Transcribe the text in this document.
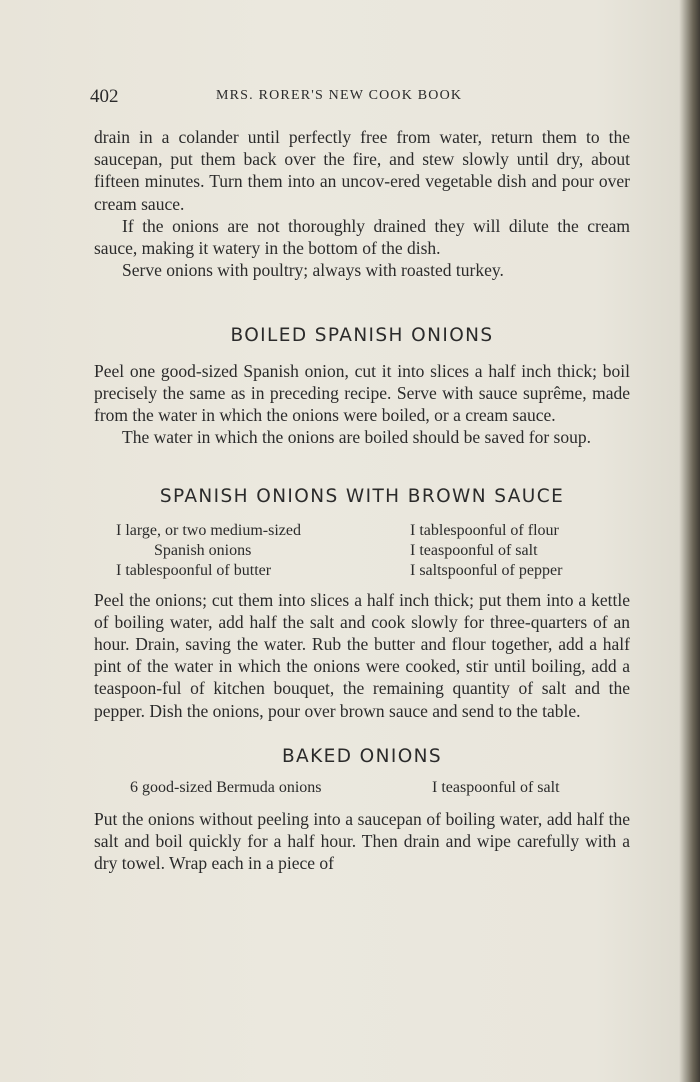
402	MRS. RORER'S NEW COOK BOOK

drain in a colander until perfectly free from water, return them to the saucepan, put them back over the fire, and stew slowly until dry, about fifteen minutes. Turn them into an uncov-ered vegetable dish and pour over cream sauce.

If the onions are not thoroughly drained they will dilute the cream sauce, making it watery in the bottom of the dish.

Serve onions with poultry; always with roasted turkey.

BOILED SPANISH ONIONS

Peel one good-sized Spanish onion, cut it into slices a half inch thick; boil precisely the same as in preceding recipe. Serve with sauce suprême, made from the water in which the onions were boiled, or a cream sauce.

The water in which the onions are boiled should be saved for soup.

SPANISH ONIONS WITH BROWN SAUCE
I large, or two medium-sized
Spanish onions
I tablespoonful of butter
I tablespoonful of flour
I teaspoonful of salt
I saltspoonful of pepper

Peel the onions; cut them into slices a half inch thick; put them into a kettle of boiling water, add half the salt and cook slowly for three-quarters of an hour. Drain, saving the water. Rub the butter and flour together, add a half pint of the water in which the onions were cooked, stir until boiling, add a teaspoon-ful of kitchen bouquet, the remaining quantity of salt and the pepper. Dish the onions, pour over brown sauce and send to the table.

BAKED ONIONS
6 good-sized Bermuda onions	I teaspoonful of salt

Put the onions without peeling into a saucepan of boiling water, add half the salt and boil quickly for a half hour. Then drain and wipe carefully with a dry towel. Wrap each in a piece of
